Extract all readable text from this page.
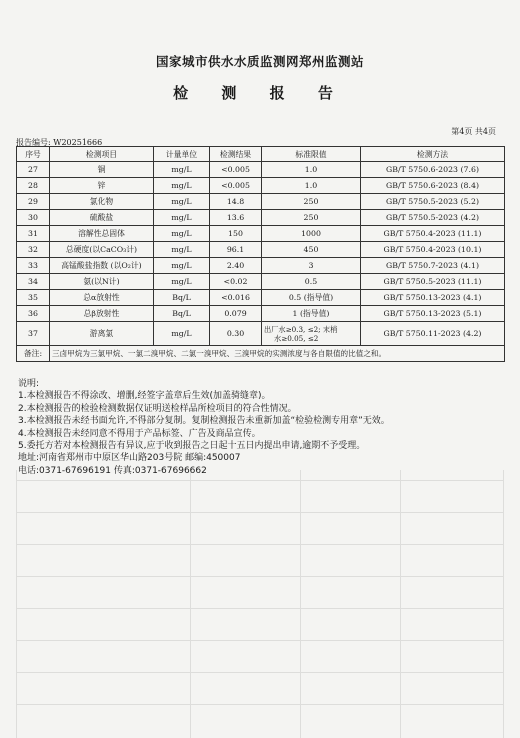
国家城市供水水质监测网郑州监测站
检 测 报 告
第4页 共4页
报告编号: W20251666
序号	检测项目	计量单位	检测结果	标准限值	检测方法
27	铜	mg/L	<0.005	1.0	GB/T 5750.6-2023 (7.6)
28	锌	mg/L	<0.005	1.0	GB/T 5750.6-2023 (8.4)
29	氯化物	mg/L	14.8	250	GB/T 5750.5-2023 (5.2)
30	硫酸盐	mg/L	13.6	250	GB/T 5750.5-2023 (4.2)
31	溶解性总固体	mg/L	150	1000	GB/T 5750.4-2023 (11.1)
32	总硬度(以CaCO₃计)	mg/L	96.1	450	GB/T 5750.4-2023 (10.1)
33	高锰酸盐指数 (以O₂计)	mg/L	2.40	3	GB/T 5750.7-2023 (4.1)
34	氨(以N计)	mg/L	<0.02	0.5	GB/T 5750.5-2023 (11.1)
35	总α放射性	Bq/L	<0.016	0.5 (指导值)	GB/T 5750.13-2023 (4.1)
36	总β放射性	Bq/L	0.079	1 (指导值)	GB/T 5750.13-2023 (5.1)
37	游离氯	mg/L	0.30	出厂水≥0.3, ≤2; 末梢
水≥0.05, ≤2	GB/T 5750.11-2023 (4.2)
备注:	三卤甲烷为三氯甲烷、一氯二溴甲烷、二氯一溴甲烷、三溴甲烷的实测浓度与各自限值的比值之和。				
说明:
1.本检测报告不得涂改、增删,经签字盖章后生效(加盖骑缝章)。
2.本检测报告的检验检测数据仅证明送检样品所检项目的符合性情况。
3.本检测报告未经书面允许,不得部分复制。复制检测报告未重新加盖“检验检测专用章”无效。
4.本检测报告未经同意不得用于产品标签、广告及商品宣传。
5.委托方若对本检测报告有异议,应于收到报告之日起十五日内提出申请,逾期不予受理。
地址:河南省郑州市中原区华山路203号院 邮编:450007
电话:0371-67696191 传真:0371-67696662
